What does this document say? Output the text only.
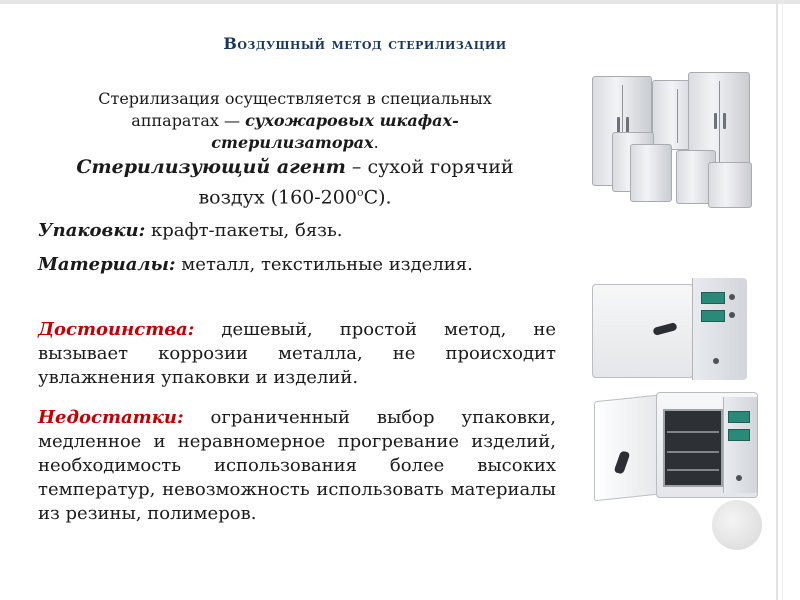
Воздушный метод стерилизации
Стерилизация осуществляется в специальных
аппаратах — сухожаровых шкафах-
стерилизаторах.
Стерилизующий агент – сухой горячий
воздух $(160-200^оС)$.
Упаковки: крафт-пакеты, бязь.
Материалы: металл, текстильные изделия.
Достоинства: дешевый, простой метод, не вызывает коррозии металла, не происходит увлажнения упаковки и изделий.
Недостатки: ограниченный выбор упаковки, медленное и неравномерное прогревание изделий, необходимость использования более высоких температур, невозможность использовать материалы из резины, полимеров.
